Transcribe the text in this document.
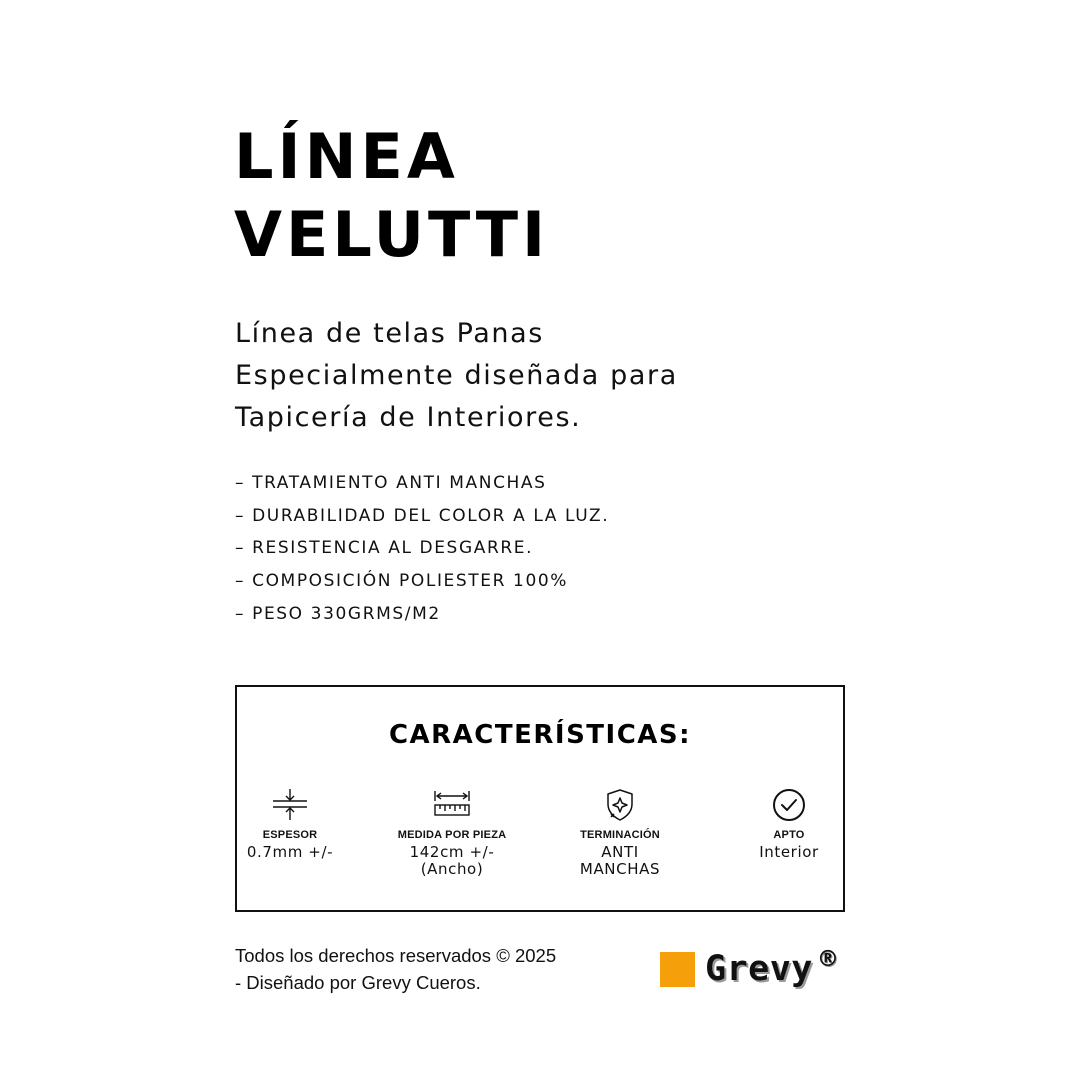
LÍNEA
VELUTTI

Línea de telas Panas
Especialmente diseñada para
Tapicería de Interiores.

– TRATAMIENTO ANTI MANCHAS
– DURABILIDAD DEL COLOR A LA LUZ.
– RESISTENCIA AL DESGARRE.
– COMPOSICIÓN POLIESTER 100%
– PESO 330GRMS/M2
CARACTERÍSTICAS:
ESPESOR
0.7mm +/-
MEDIDA POR PIEZA
142cm +/-
(Ancho)
TERMINACIÓN
ANTI
MANCHAS
APTO
Interior

Todos los derechos reservados © 2025
- Diseñado por Grevy Cueros.	Grevy ®
